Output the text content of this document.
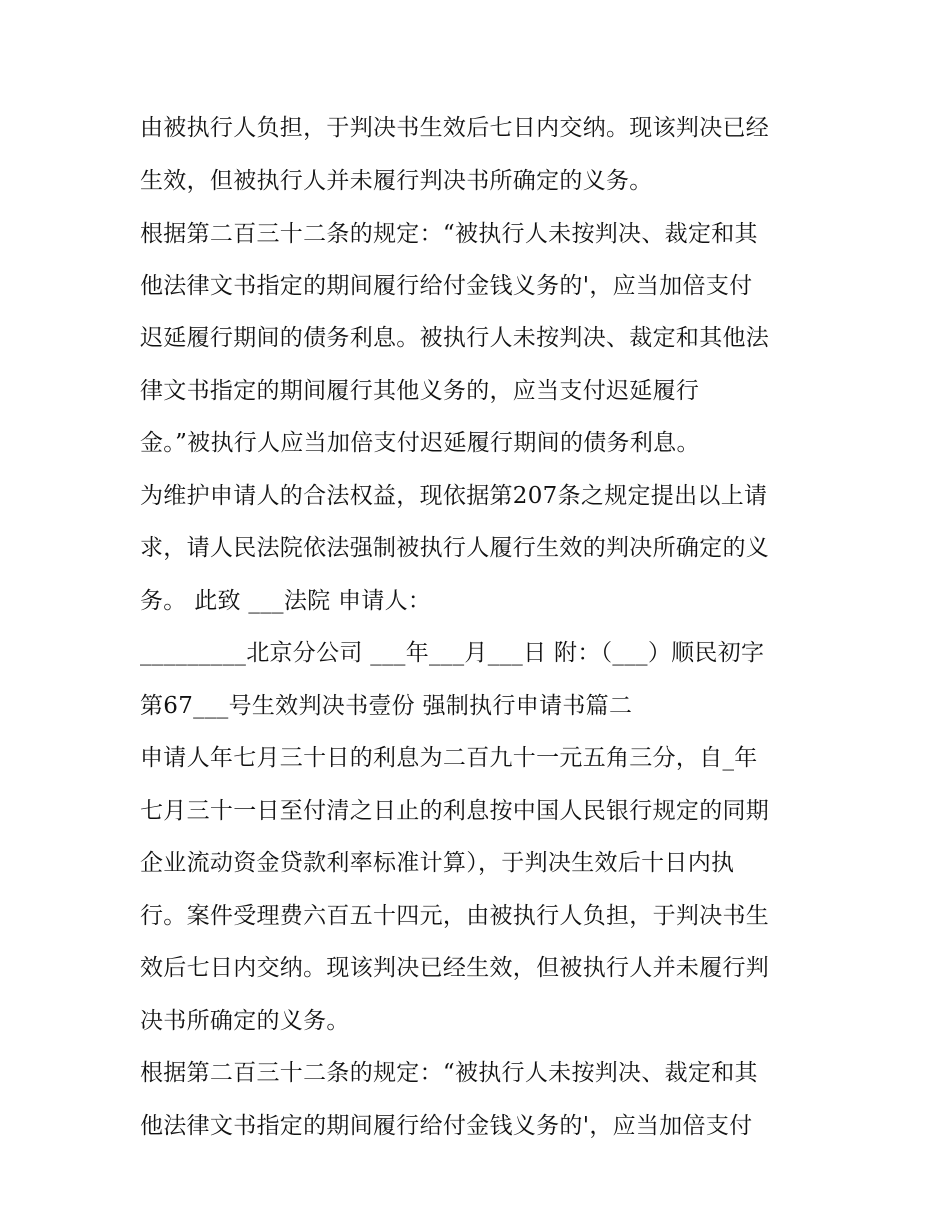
由被执行人负担，于判决书生效后七日内交纳。现该判决已经
生效，但被执行人并未履行判决书所确定的义务。
根据第二百三十二条的规定：“被执行人未按判决、裁定和其
他法律文书指定的期间履行给付金钱义务的'，应当加倍支付
迟延履行期间的债务利息。被执行人未按判决、裁定和其他法
律文书指定的期间履行其他义务的，应当支付迟延履行
金。”被执行人应当加倍支付迟延履行期间的债务利息。
为维护申请人的合法权益，现依据第207条之规定提出以上请
求，请人民法院依法强制被执行人履行生效的判决所确定的义
务。 此致 ___法院 申请人：
_________北京分公司 ___年___月___日 附：（___）顺民初字
第67___号生效判决书壹份 强制执行申请书篇二
申请人年七月三十日的利息为二百九十一元五角三分，自_年
七月三十一日至付清之日止的利息按中国人民银行规定的同期
企业流动资金贷款利率标准计算），于判决生效后十日内执
行。案件受理费六百五十四元，由被执行人负担，于判决书生
效后七日内交纳。现该判决已经生效，但被执行人并未履行判
决书所确定的义务。
根据第二百三十二条的规定：“被执行人未按判决、裁定和其
他法律文书指定的期间履行给付金钱义务的'，应当加倍支付
